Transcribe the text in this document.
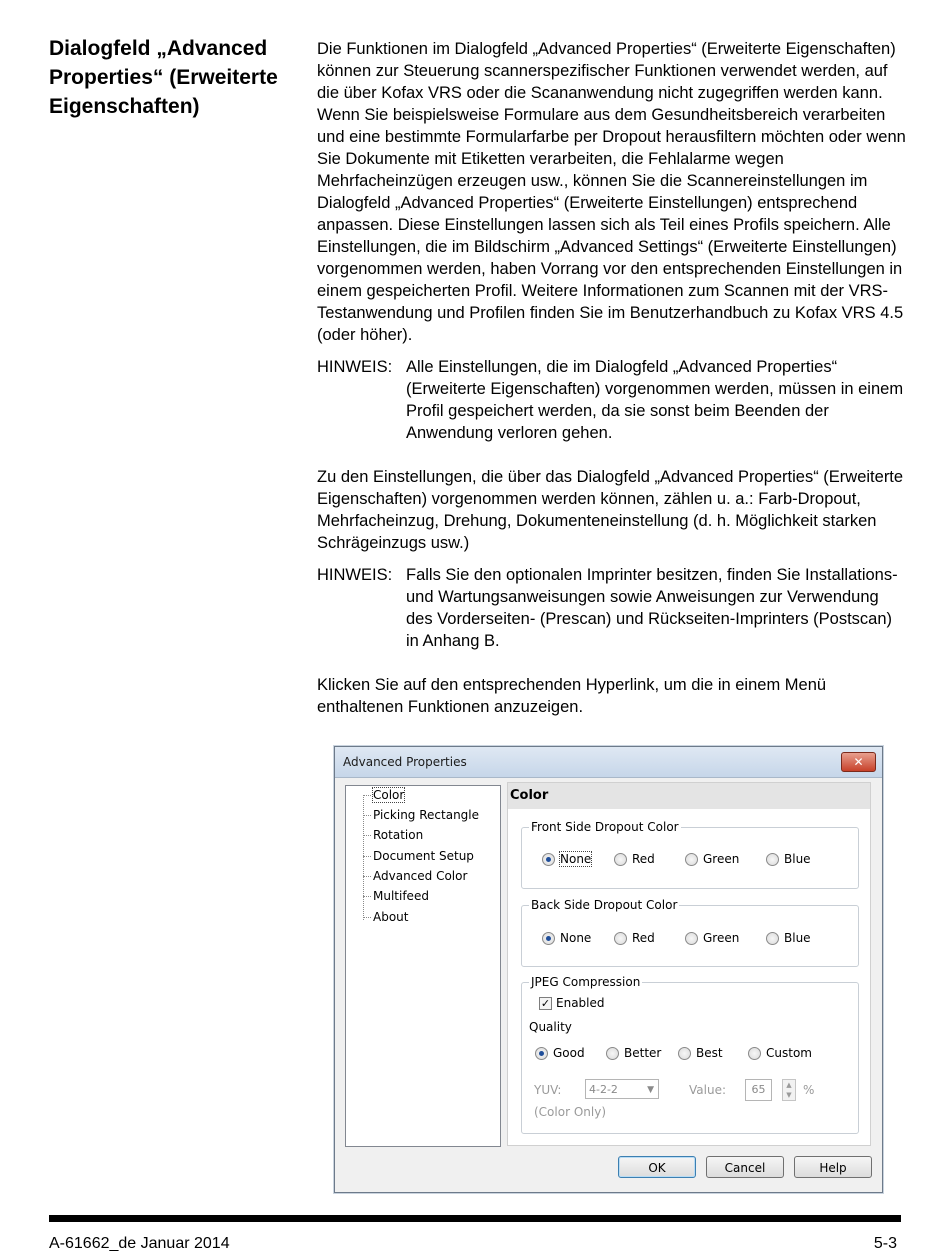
Dialogfeld „Advanced Properties“ (Erweiterte Eigenschaften)

Die Funktionen im Dialogfeld „Advanced Properties“ (Erweiterte Eigenschaften) können zur Steuerung scannerspezifischer Funktionen verwendet werden, auf die über Kofax VRS oder die Scananwendung nicht zugegriffen werden kann. Wenn Sie beispielsweise Formulare aus dem Gesundheitsbereich verarbeiten und eine bestimmte Formularfarbe per Dropout herausfiltern möchten oder wenn Sie Dokumente mit Etiketten verarbeiten, die Fehlalarme wegen Mehrfacheinzügen erzeugen usw., können Sie die Scannereinstellungen im Dialogfeld „Advanced Properties“ (Erweiterte Einstellungen) entsprechend anpassen. Diese Einstellungen lassen sich als Teil eines Profils speichern. Alle Einstellungen, die im Bildschirm „Advanced Settings“ (Erweiterte Einstellungen) vorgenommen werden, haben Vorrang vor den entsprechenden Einstellungen in einem gespeicherten Profil. Weitere Informationen zum Scannen mit der VRS-Testanwendung und Profilen finden Sie im Benutzerhandbuch zu Kofax VRS 4.5 (oder höher).

HINWEIS: Alle Einstellungen, die im Dialogfeld „Advanced Properties“ (Erweiterte Eigenschaften) vorgenommen werden, müssen in einem Profil gespeichert werden, da sie sonst beim Beenden der Anwendung verloren gehen.

Zu den Einstellungen, die über das Dialogfeld „Advanced Properties“ (Erweiterte Eigenschaften) vorgenommen werden können, zählen u. a.: Farb-Dropout, Mehrfacheinzug, Drehung, Dokumenteneinstellung (d. h. Möglichkeit starken Schrägeinzugs usw.)

HINWEIS: Falls Sie den optionalen Imprinter besitzen, finden Sie Installations- und Wartungsanweisungen sowie Anweisungen zur Verwendung des Vorderseiten- (Prescan) und Rückseiten-Imprinters (Postscan) in Anhang B.

Klicken Sie auf den entsprechenden Hyperlink, um die in einem Menü enthaltenen Funktionen anzuzeigen.

Advanced Properties	✕
Color
Picking Rectangle
Rotation
Document Setup
Advanced Color
Multifeed
About
Color
Front Side Dropout Color
None	Red	Green	Blue
Back Side Dropout Color
None	Red	Green	Blue
JPEG Compression
✓ Enabled
Quality
Good	Better	Best	Custom
YUV:	4-2-2	▼
(Color Only)
Value:	65	▲
▼ %
OK	Cancel	Help
A-61662_de Januar 2014	5-3
